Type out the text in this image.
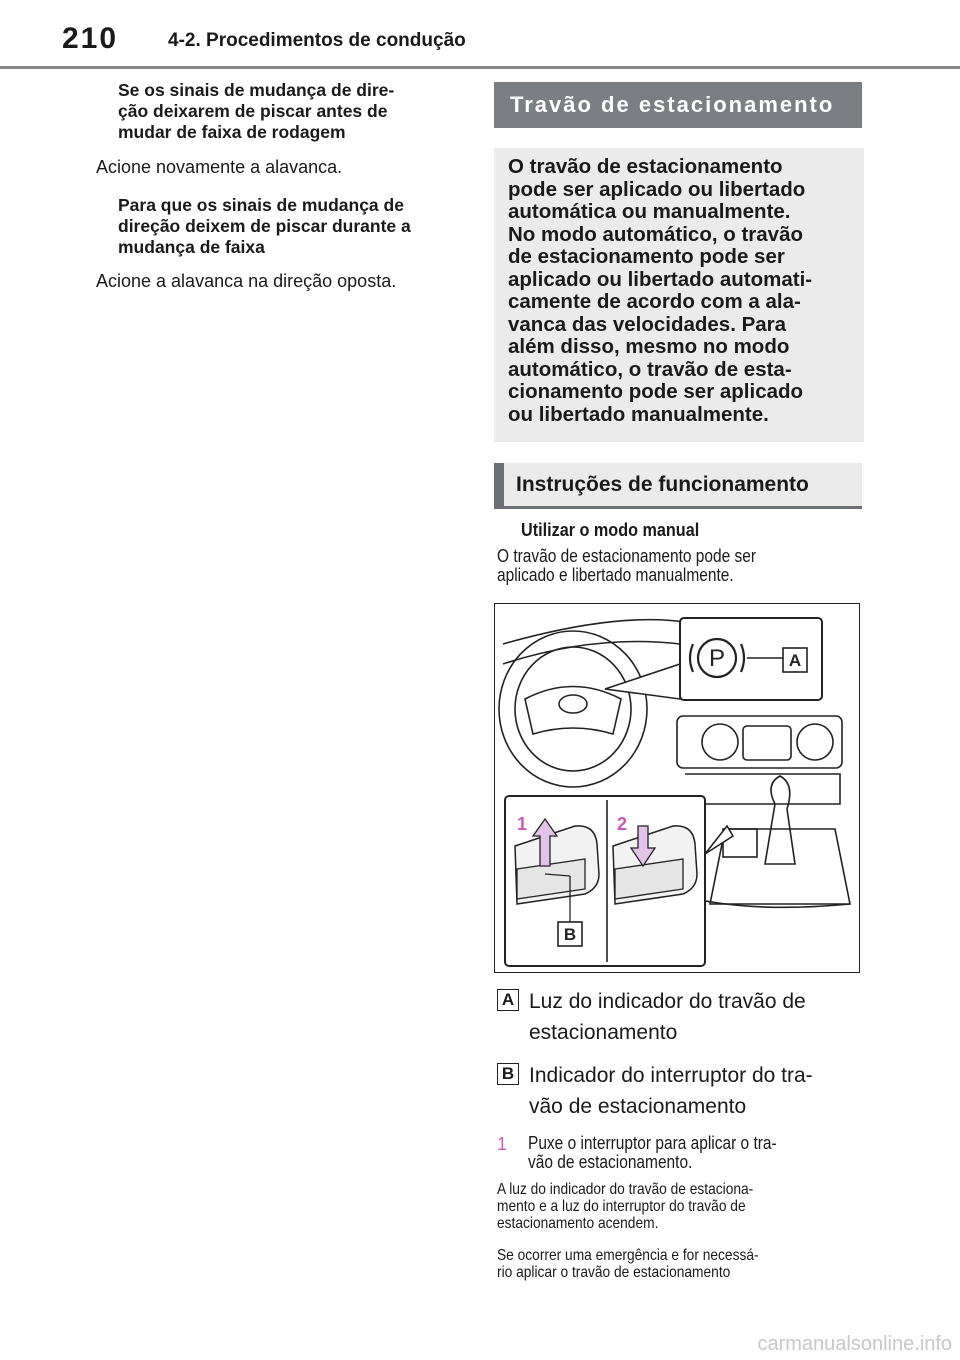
210	4-2. Procedimentos de condução
Se os sinais de mudança de dire-
ção deixarem de piscar antes de
mudar de faixa de rodagem
Acione novamente a alavanca.
Para que os sinais de mudança de
direção deixem de piscar durante a
mudança de faixa
Acione a alavanca na direção oposta.
Travão de estacionamento
O travão de estacionamento
pode ser aplicado ou libertado
automática ou manualmente.
No modo automático, o travão
de estacionamento pode ser
aplicado ou libertado automati-
camente de acordo com a ala-
vanca das velocidades. Para
além disso, mesmo no modo
automático, o travão de esta-
cionamento pode ser aplicado
ou libertado manualmente.
Instruções de funcionamento
Utilizar o modo manual
O travão de estacionamento pode ser
aplicado e libertado manualmente.
P
1	2
A
B
A Luz do indicador do travão de
estacionamento
B Indicador do interruptor do tra-
vão de estacionamento
1 Puxe o interruptor para aplicar o tra-
vão de estacionamento.
A luz do indicador do travão de estaciona-
mento e a luz do interruptor do travão de
estacionamento acendem.
Se ocorrer uma emergência e for necessá-
rio aplicar o travão de estacionamento
carmanualsonline.info
